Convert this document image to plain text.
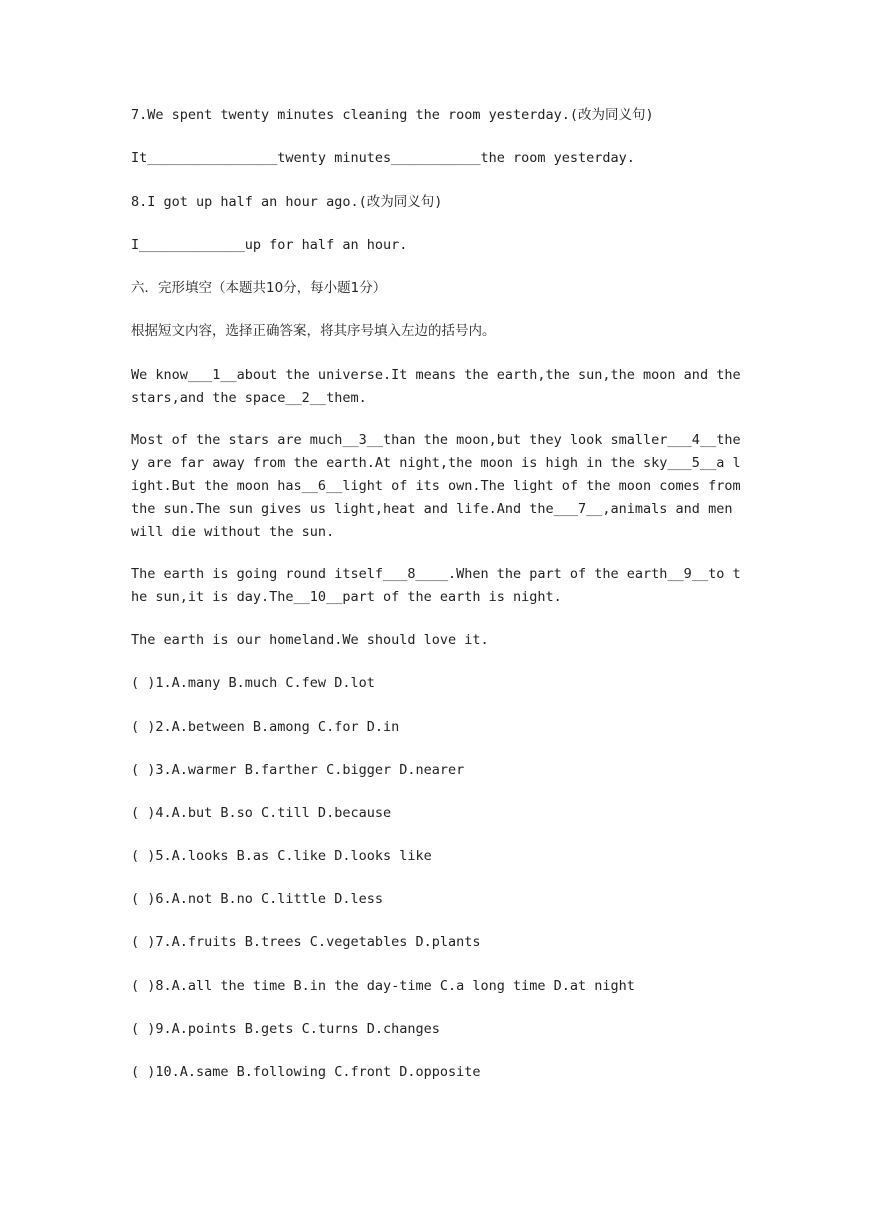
7.We spent twenty minutes cleaning the room yesterday.(改为同义句)
It________________twenty minutes___________the room yesterday.
8.I got up half an hour ago.(改为同义句)
I_____________up for half an hour.
六．完形填空（本题共10分，每小题1分）
根据短文内容，选择正确答案，将其序号填入左边的括号内。
We know___1__about the universe.It means the earth,the sun,the moon and the stars,and the space__2__them.
Most of the stars are much__3__than the moon,but they look smaller___4__they are far away from the earth.At night,the moon is high in the sky___5__a light.But the moon has__6__light of its own.The light of the moon comes from the sun.The sun gives us light,heat and life.And the___7__,animals and men will die without the sun.
The earth is going round itself___8____.When the part of the earth__9__to the sun,it is day.The__10__part of the earth is night.
The earth is our homeland.We should love it.
( )1.A.many B.much C.few D.lot
( )2.A.between B.among C.for D.in
( )3.A.warmer B.farther C.bigger D.nearer
( )4.A.but B.so C.till D.because
( )5.A.looks B.as C.like D.looks like
( )6.A.not B.no C.little D.less
( )7.A.fruits B.trees C.vegetables D.plants
( )8.A.all the time B.in the day-time C.a long time D.at night
( )9.A.points B.gets C.turns D.changes
( )10.A.same B.following C.front D.opposite
